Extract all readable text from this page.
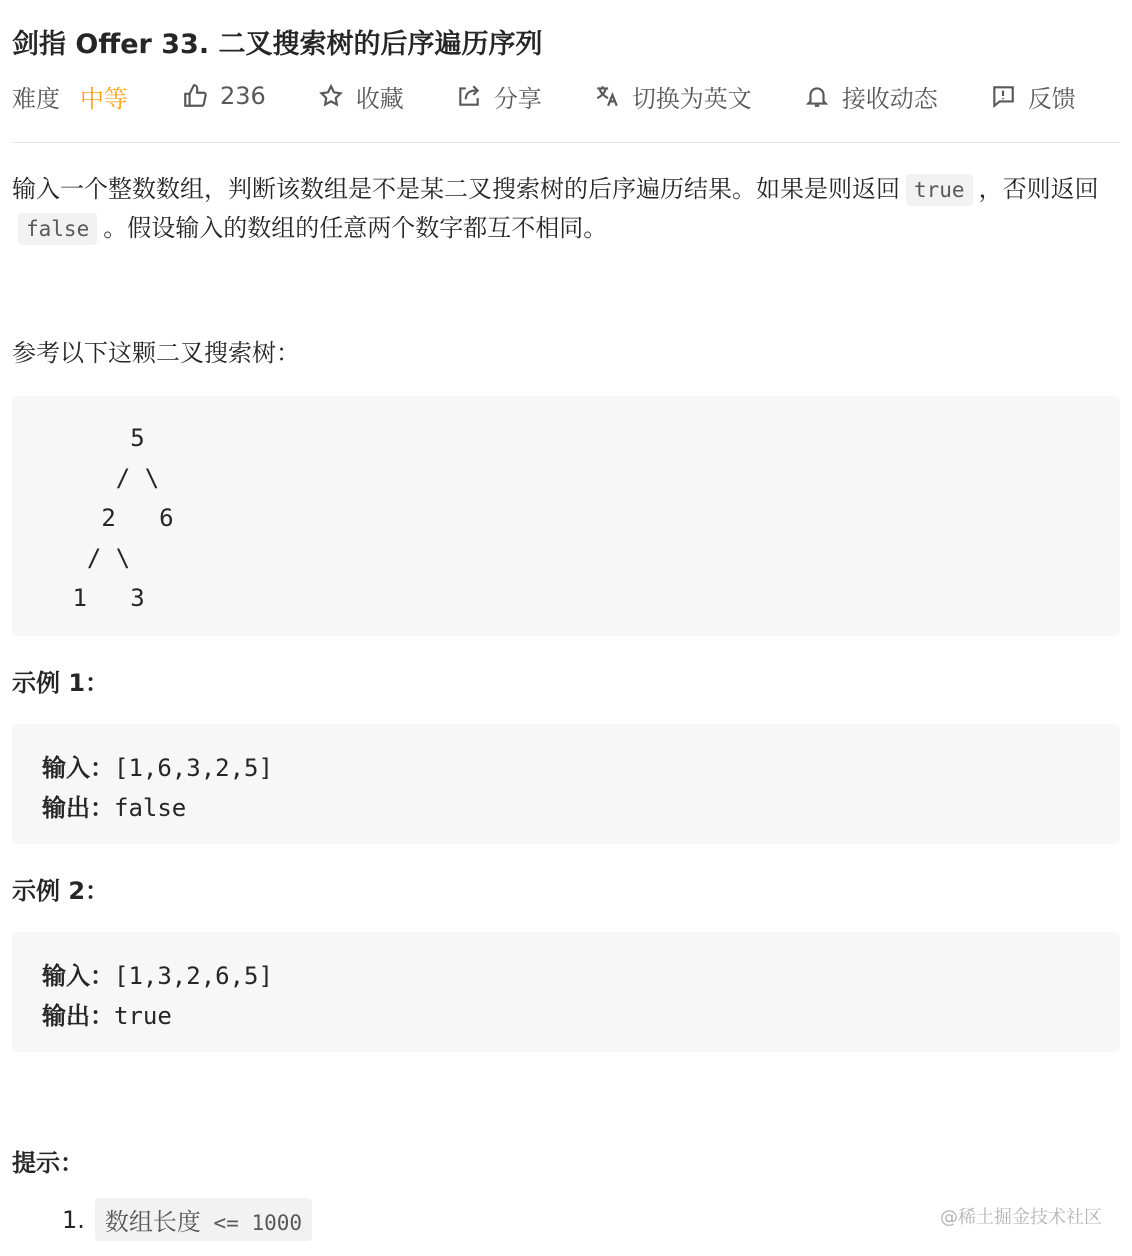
剑指 Offer 33. 二叉搜索树的后序遍历序列
难度 中等	236	收藏	分享	切换为英文	接收动态	反馈
输入一个整数数组，判断该数组是不是某二叉搜索树的后序遍历结果。如果是则返回 true ，否则返回false 。假设输入的数组的任意两个数字都互不相同。
参考以下这颗二叉搜索树：
5
/ \
2   6
/ \
1   3
示例 1：
输入：[1,6,3,2,5]
输出：false
示例 2：
输入：[1,3,2,6,5]
输出：true
提示：
1. 数组长度 <= 1000	@稀土掘金技术社区
